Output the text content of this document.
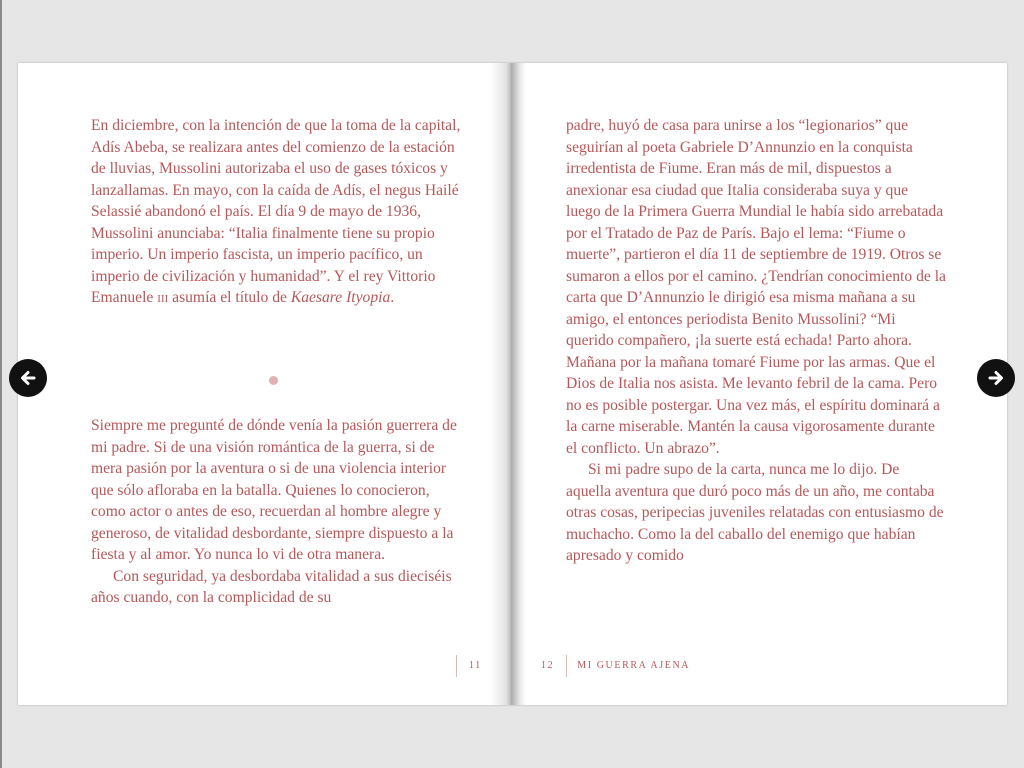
En diciembre, con la intención de que la toma de la capital, Adís Abeba, se realizara antes del comienzo de la estación de lluvias, Mussolini autorizaba el uso de gases tóxicos y lanzallamas. En mayo, con la caída de Adís, el negus Hailé Selassié abandonó el país. El día 9 de mayo de 1936, Mussolini anunciaba: “Italia finalmente tiene su propio imperio. Un imperio fascista, un imperio pacífico, un imperio de civilización y humanidad”. Y el rey Vittorio Emanuele iii asumía el título de Kaesare Ityopia.

Siempre me pregunté de dónde venía la pasión guerrera de mi padre. Si de una visión romántica de la guerra, si de mera pasión por la aventura o si de una violencia interior que sólo afloraba en la batalla. Quienes lo conocieron, como actor o antes de eso, recuerdan al hombre alegre y generoso, de vitalidad desbordante, siempre dispuesto a la fiesta y al amor. Yo nunca lo vi de otra manera.

Con seguridad, ya desbordaba vitalidad a sus dieciséis años cuando, con la complicidad de su

11

padre, huyó de casa para unirse a los “legionarios” que seguirían al poeta Gabriele D’Annunzio en la conquista irredentista de Fiume. Eran más de mil, dispuestos a anexionar esa ciudad que Italia consideraba suya y que luego de la Primera Guerra Mundial le había sido arrebatada por el Tratado de Paz de París. Bajo el lema: “Fiume o muerte”, partieron el día 11 de septiembre de 1919. Otros se sumaron a ellos por el camino. ¿Tendrían conocimiento de la carta que D’Annunzio le dirigió esa misma mañana a su amigo, el entonces periodista Benito Mussolini? “Mi querido compañero, ¡la suerte está echada! Parto ahora. Mañana por la mañana tomaré Fiume por las armas. Que el Dios de Italia nos asista. Me levanto febril de la cama. Pero no es posible postergar. Una vez más, el espíritu dominará a la carne miserable. Mantén la causa vigorosamente durante el conflicto. Un abrazo”.

Si mi padre supo de la carta, nunca me lo dijo. De aquella aventura que duró poco más de un año, me contaba otras cosas, peripecias juveniles relatadas con entusiasmo de muchacho. Como la del caballo del enemigo que habían apresado y comido

12 MI GUERRA AJENA
